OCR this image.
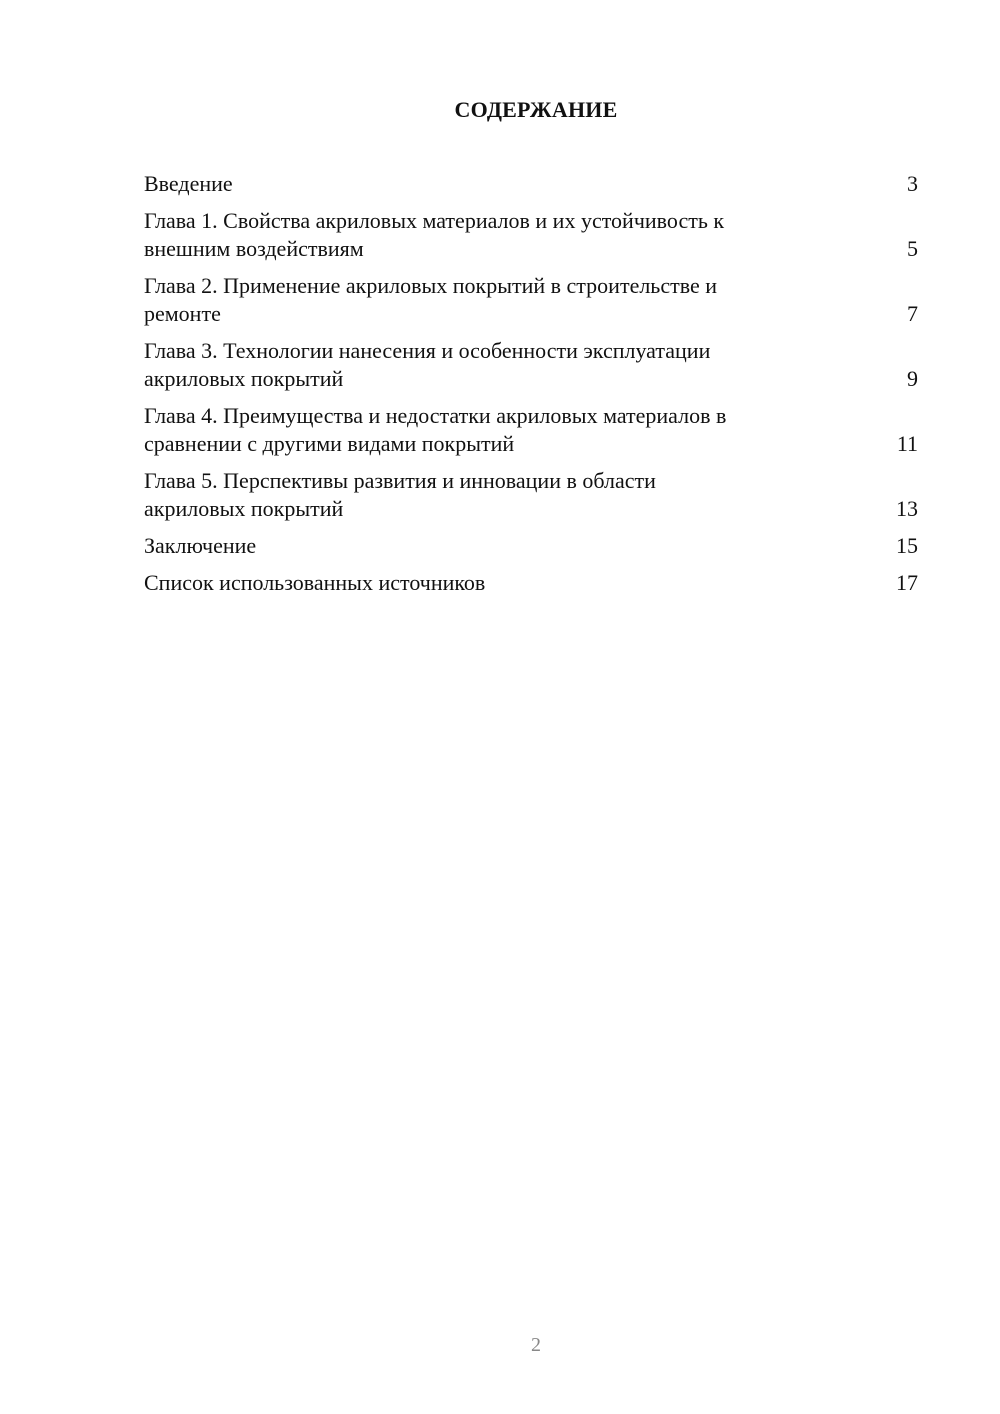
СОДЕРЖАНИЕ
Введение	3
Глава 1. Свойства акриловых материалов и их устойчивость к
внешним воздействиям	5
Глава 2. Применение акриловых покрытий в строительстве и
ремонте	7
Глава 3. Технологии нанесения и особенности эксплуатации
акриловых покрытий	9
Глава 4. Преимущества и недостатки акриловых материалов в
сравнении с другими видами покрытий	11
Глава 5. Перспективы развития и инновации в области
акриловых покрытий	13
Заключение	15
Список использованных источников	17
2
